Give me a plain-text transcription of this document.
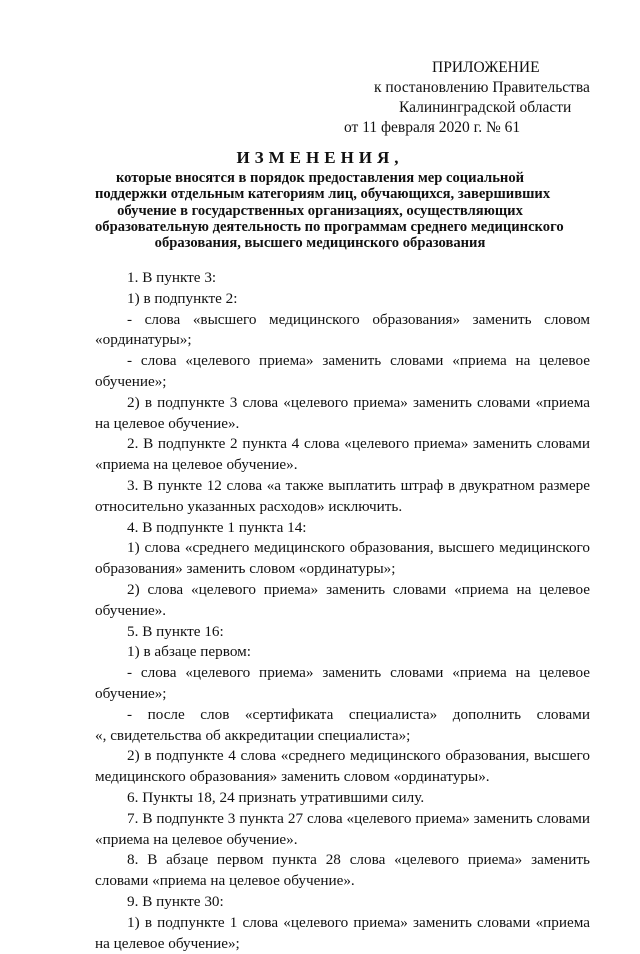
ПРИЛОЖЕНИЕ
к постановлению Правительства
Калининградской области
от 11 февраля 2020 г. № 61
ИЗМЕНЕНИЯ,
которые вносятся в порядок предоставления мер социальной
поддержки отдельным категориям лиц, обучающихся, завершивших
обучение в государственных организациях, осуществляющих
образовательную деятельность по программам среднего медицинского
образования, высшего медицинского образования

1. В пункте 3:

1) в подпункте 2:

- слова «высшего медицинского образования» заменить словом «ординатуры»;

- слова «целевого приема» заменить словами «приема на целевое обучение»;

2) в подпункте 3 слова «целевого приема» заменить словами «приема на целевое обучение».

2. В подпункте 2 пункта 4 слова «целевого приема» заменить словами «приема на целевое обучение».

3. В пункте 12 слова «а также выплатить штраф в двукратном размере относительно указанных расходов» исключить.

4. В подпункте 1 пункта 14:

1) слова «среднего медицинского образования, высшего медицинского образования» заменить словом «ординатуры»;

2) слова «целевого приема» заменить словами «приема на целевое обучение».

5. В пункте 16:

1) в абзаце первом:

- слова «целевого приема» заменить словами «приема на целевое обучение»;

- после слов «сертификата специалиста» дополнить словами

«, свидетельства об аккредитации специалиста»;

2) в подпункте 4 слова «среднего медицинского образования, высшего медицинского образования» заменить словом «ординатуры».

6. Пункты 18, 24 признать утратившими силу.

7. В подпункте 3 пункта 27 слова «целевого приема» заменить словами «приема на целевое обучение».

8. В абзаце первом пункта 28 слова «целевого приема» заменить словами «приема на целевое обучение».

9. В пункте 30:

1) в подпункте 1 слова «целевого приема» заменить словами «приема на целевое обучение»;
